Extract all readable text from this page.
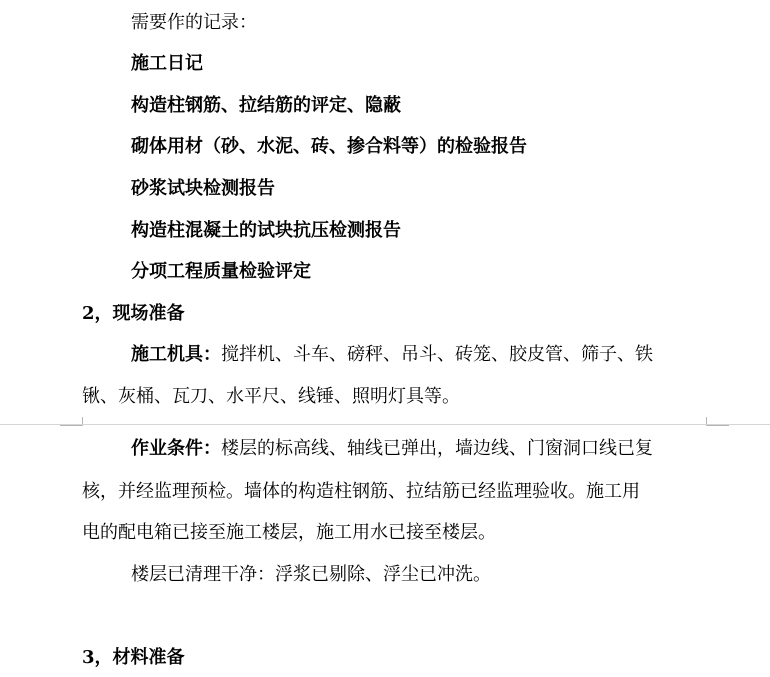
需要作的记录：
施工日记
构造柱钢筋、拉结筋的评定、隐蔽
砌体用材（砂、水泥、砖、掺合料等）的检验报告
砂浆试块检测报告
构造柱混凝土的试块抗压检测报告
分项工程质量检验评定
2，现场准备
施工机具：搅拌机、斗车、磅秤、吊斗、砖笼、胶皮管、筛子、铁
锹、灰桶、瓦刀、水平尺、线锤、照明灯具等。
作业条件：楼层的标高线、轴线已弹出，墙边线、门窗洞口线已复
核，并经监理预检。墙体的构造柱钢筋、拉结筋已经监理验收。施工用
电的配电箱已接至施工楼层，施工用水已接至楼层。
楼层已清理干净：浮浆已剔除、浮尘已冲洗。
3，材料准备
